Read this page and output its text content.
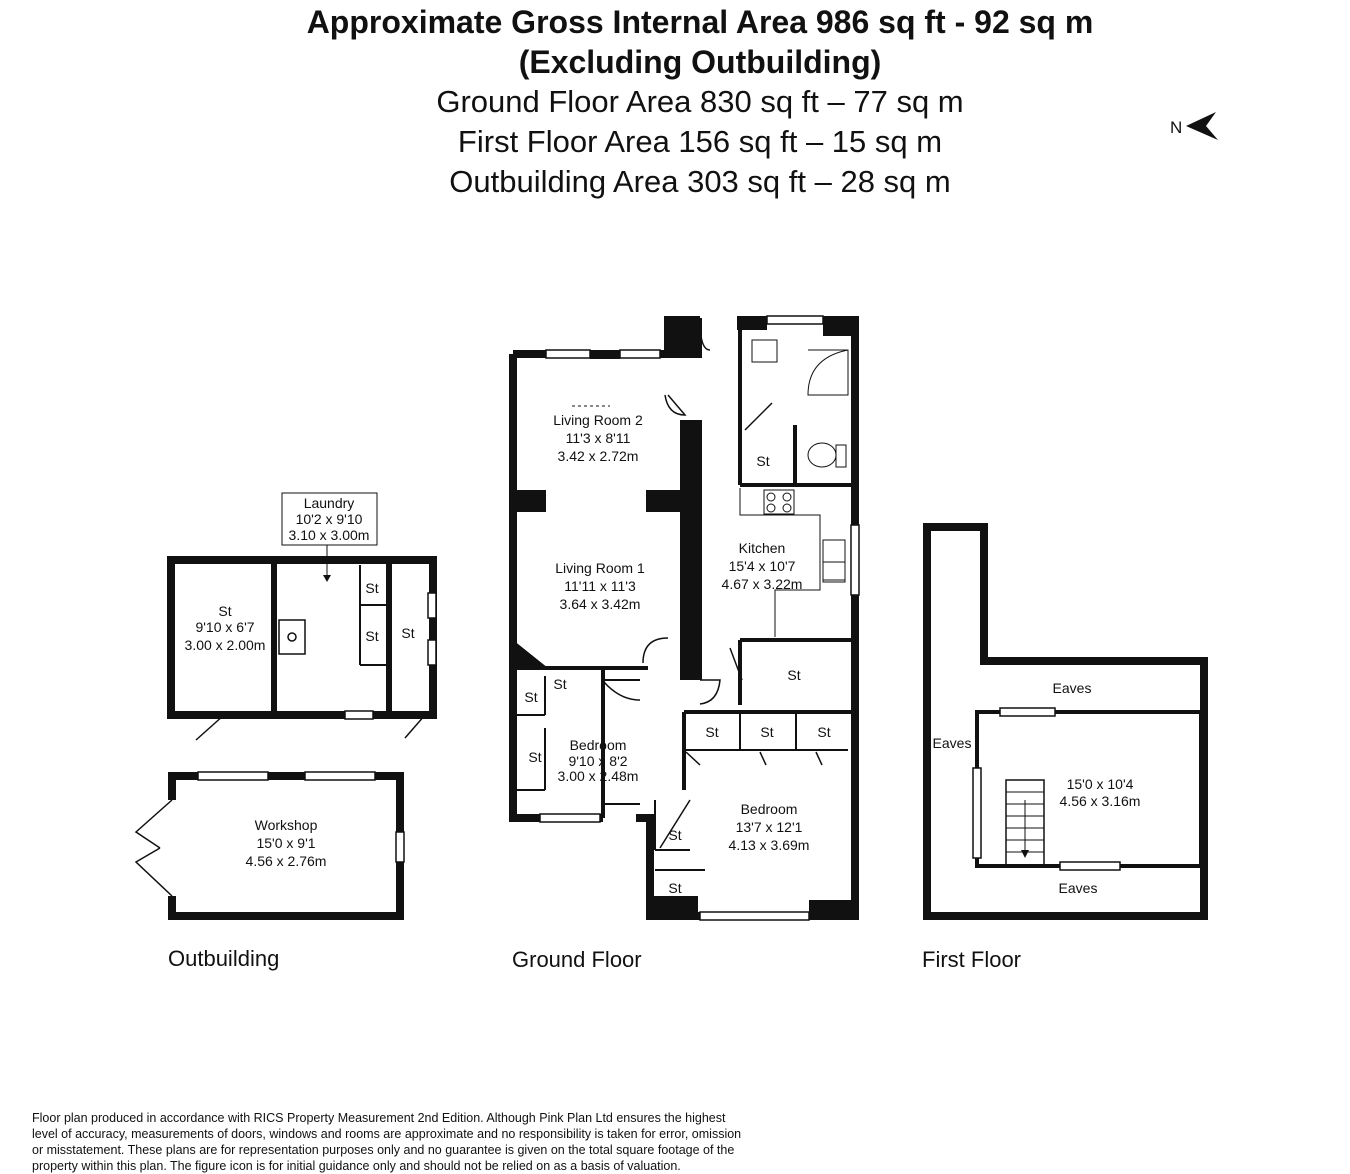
Approximate Gross Internal Area 986 sq ft - 92 sq m
(Excluding Outbuilding)
Ground Floor Area 830 sq ft – 77 sq m
First Floor Area 156 sq ft – 15 sq m
Outbuilding Area 303 sq ft – 28 sq m
N
Laundry
10'2 x 9'10
3.10 x 3.00m
St
9'10 x 6'7
3.00 x 2.00m
St
St St
Workshop
15'0 x 9'1
4.56 x 2.76m
Living Room 2
11'3 x 8'11
3.42 x 2.72m
Living Room 1
11'11 x 11'3
3.64 x 3.42m
Kitchen
15'4 x 10'7
4.67 x 3.22m
Bedroom
9'10 x 8'2
3.00 x 2.48m
Bedroom
13'7 x 12'1
4.13 x 3.69m
St
St
St	St	St
St
St
St
St
St
15'0 x 10'4
4.56 x 3.16m
Eaves
Eaves
Eaves
Outbuilding	Ground Floor	First Floor
Floor plan produced in accordance with RICS Property Measurement 2nd Edition. Although Pink Plan Ltd ensures the highest
level of accuracy, measurements of doors, windows and rooms are approximate and no responsibility is taken for error, omission
or misstatement. These plans are for representation purposes only and no guarantee is given on the total square footage of the
property within this plan. The figure icon is for initial guidance only and should not be relied on as a basis of valuation.
